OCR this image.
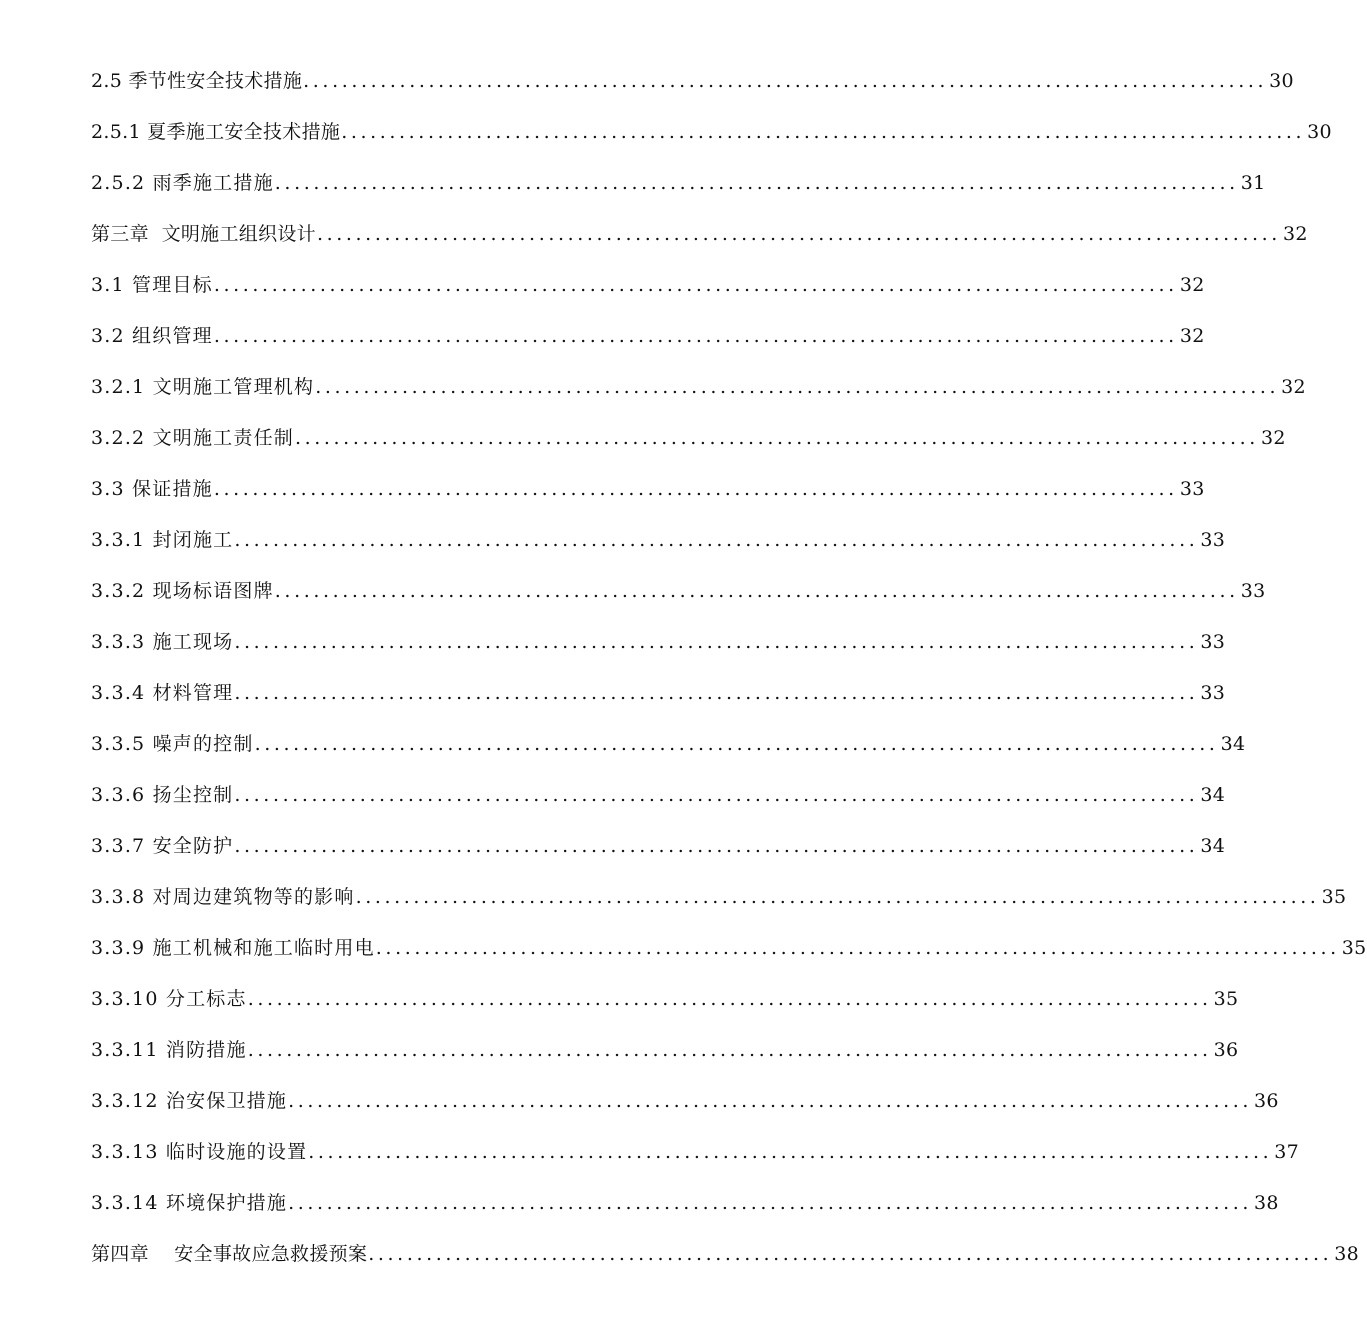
2.5 季节性安全技术措施 .................................................................................................... 30
2.5.1 夏季施工安全技术措施 .................................................................................................... 30
2.5.2 雨季施工措施 .................................................................................................... 31
第三章  文明施工组织设计 .................................................................................................... 32
3.1 管理目标 .................................................................................................... 32
3.2 组织管理 .................................................................................................... 32
3.2.1 文明施工管理机构 .................................................................................................... 32
3.2.2 文明施工责任制 .................................................................................................... 32
3.3 保证措施 .................................................................................................... 33
3.3.1 封闭施工 .................................................................................................... 33
3.3.2 现场标语图牌 .................................................................................................... 33
3.3.3 施工现场 .................................................................................................... 33
3.3.4 材料管理 .................................................................................................... 33
3.3.5 噪声的控制 .................................................................................................... 34
3.3.6 扬尘控制 .................................................................................................... 34
3.3.7 安全防护 .................................................................................................... 34
3.3.8 对周边建筑物等的影响 .................................................................................................... 35
3.3.9 施工机械和施工临时用电 .................................................................................................... 35
3.3.10 分工标志 .................................................................................................... 35
3.3.11 消防措施 .................................................................................................... 36
3.3.12 治安保卫措施 .................................................................................................... 36
3.3.13 临时设施的设置 .................................................................................................... 37
3.3.14 环境保护措施 .................................................................................................... 38
第四章    安全事故应急救援预案 .................................................................................................... 38
